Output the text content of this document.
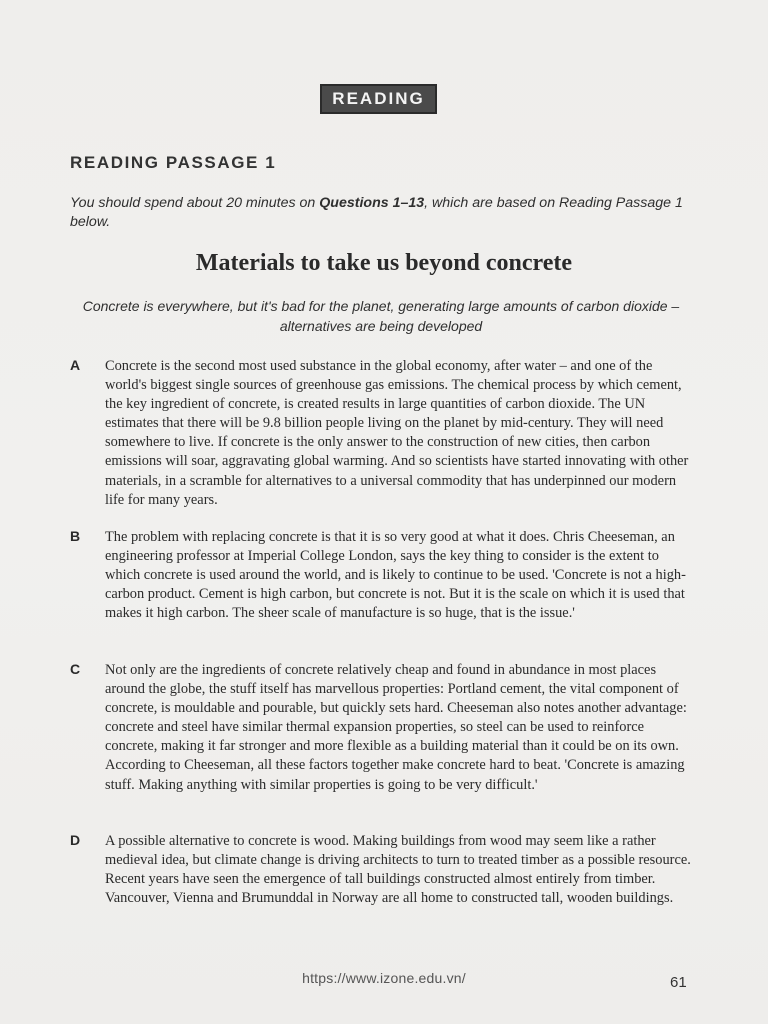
READING
READING PASSAGE 1

You should spend about 20 minutes on Questions 1–13, which are based on Reading Passage 1 below.

Materials to take us beyond concrete

Concrete is everywhere, but it's bad for the planet, generating large amounts of carbon dioxide – alternatives are being developed

A Concrete is the second most used substance in the global economy, after water – and one of the world's biggest single sources of greenhouse gas emissions. The chemical process by which cement, the key ingredient of concrete, is created results in large quantities of carbon dioxide. The UN estimates that there will be 9.8 billion people living on the planet by mid-century. They will need somewhere to live. If concrete is the only answer to the construction of new cities, then carbon emissions will soar, aggravating global warming. And so scientists have started innovating with other materials, in a scramble for alternatives to a universal commodity that has underpinned our modern life for many years.

B The problem with replacing concrete is that it is so very good at what it does. Chris Cheeseman, an engineering professor at Imperial College London, says the key thing to consider is the extent to which concrete is used around the world, and is likely to continue to be used. 'Concrete is not a high-carbon product. Cement is high carbon, but concrete is not. But it is the scale on which it is used that makes it high carbon. The sheer scale of manufacture is so huge, that is the issue.'

C Not only are the ingredients of concrete relatively cheap and found in abundance in most places around the globe, the stuff itself has marvellous properties: Portland cement, the vital component of concrete, is mouldable and pourable, but quickly sets hard. Cheeseman also notes another advantage: concrete and steel have similar thermal expansion properties, so steel can be used to reinforce concrete, making it far stronger and more flexible as a building material than it could be on its own. According to Cheeseman, all these factors together make concrete hard to beat. 'Concrete is amazing stuff. Making anything with similar properties is going to be very difficult.'

D A possible alternative to concrete is wood. Making buildings from wood may seem like a rather medieval idea, but climate change is driving architects to turn to treated timber as a possible resource. Recent years have seen the emergence of tall buildings constructed almost entirely from timber. Vancouver, Vienna and Brumunddal in Norway are all home to constructed tall, wooden buildings.

https://www.izone.edu.vn/	61
